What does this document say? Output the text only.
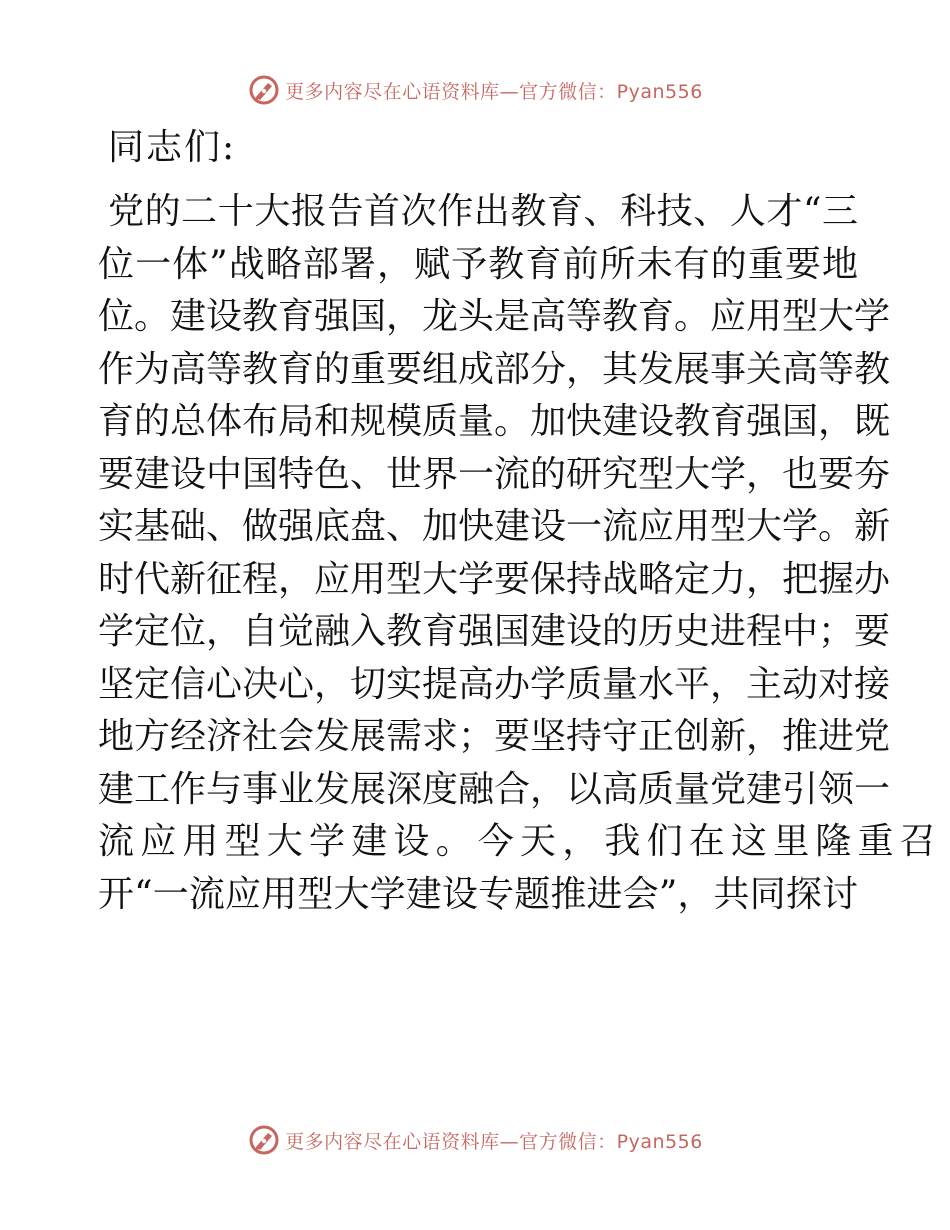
更多内容尽在心语资料库—官方微信：Pyan556
同志们:
党的二十大报告首次作出教育、科技、人才“三
位一体”战略部署，赋予教育前所未有的重要地
位。建设教育强国，龙头是高等教育。应用型大学
作为高等教育的重要组成部分，其发展事关高等教
育的总体布局和规模质量。加快建设教育强国，既
要建设中国特色、世界一流的研究型大学，也要夯
实基础、做强底盘、加快建设一流应用型大学。新
时代新征程，应用型大学要保持战略定力，把握办
学定位，自觉融入教育强国建设的历史进程中；要
坚定信心决心，切实提高办学质量水平，主动对接
地方经济社会发展需求；要坚持守正创新，推进党
建工作与事业发展深度融合，以高质量党建引领一
流应用型大学建设。今天，我们在这里隆重召
开“一流应用型大学建设专题推进会”，共同探讨
更多内容尽在心语资料库—官方微信：Pyan556
